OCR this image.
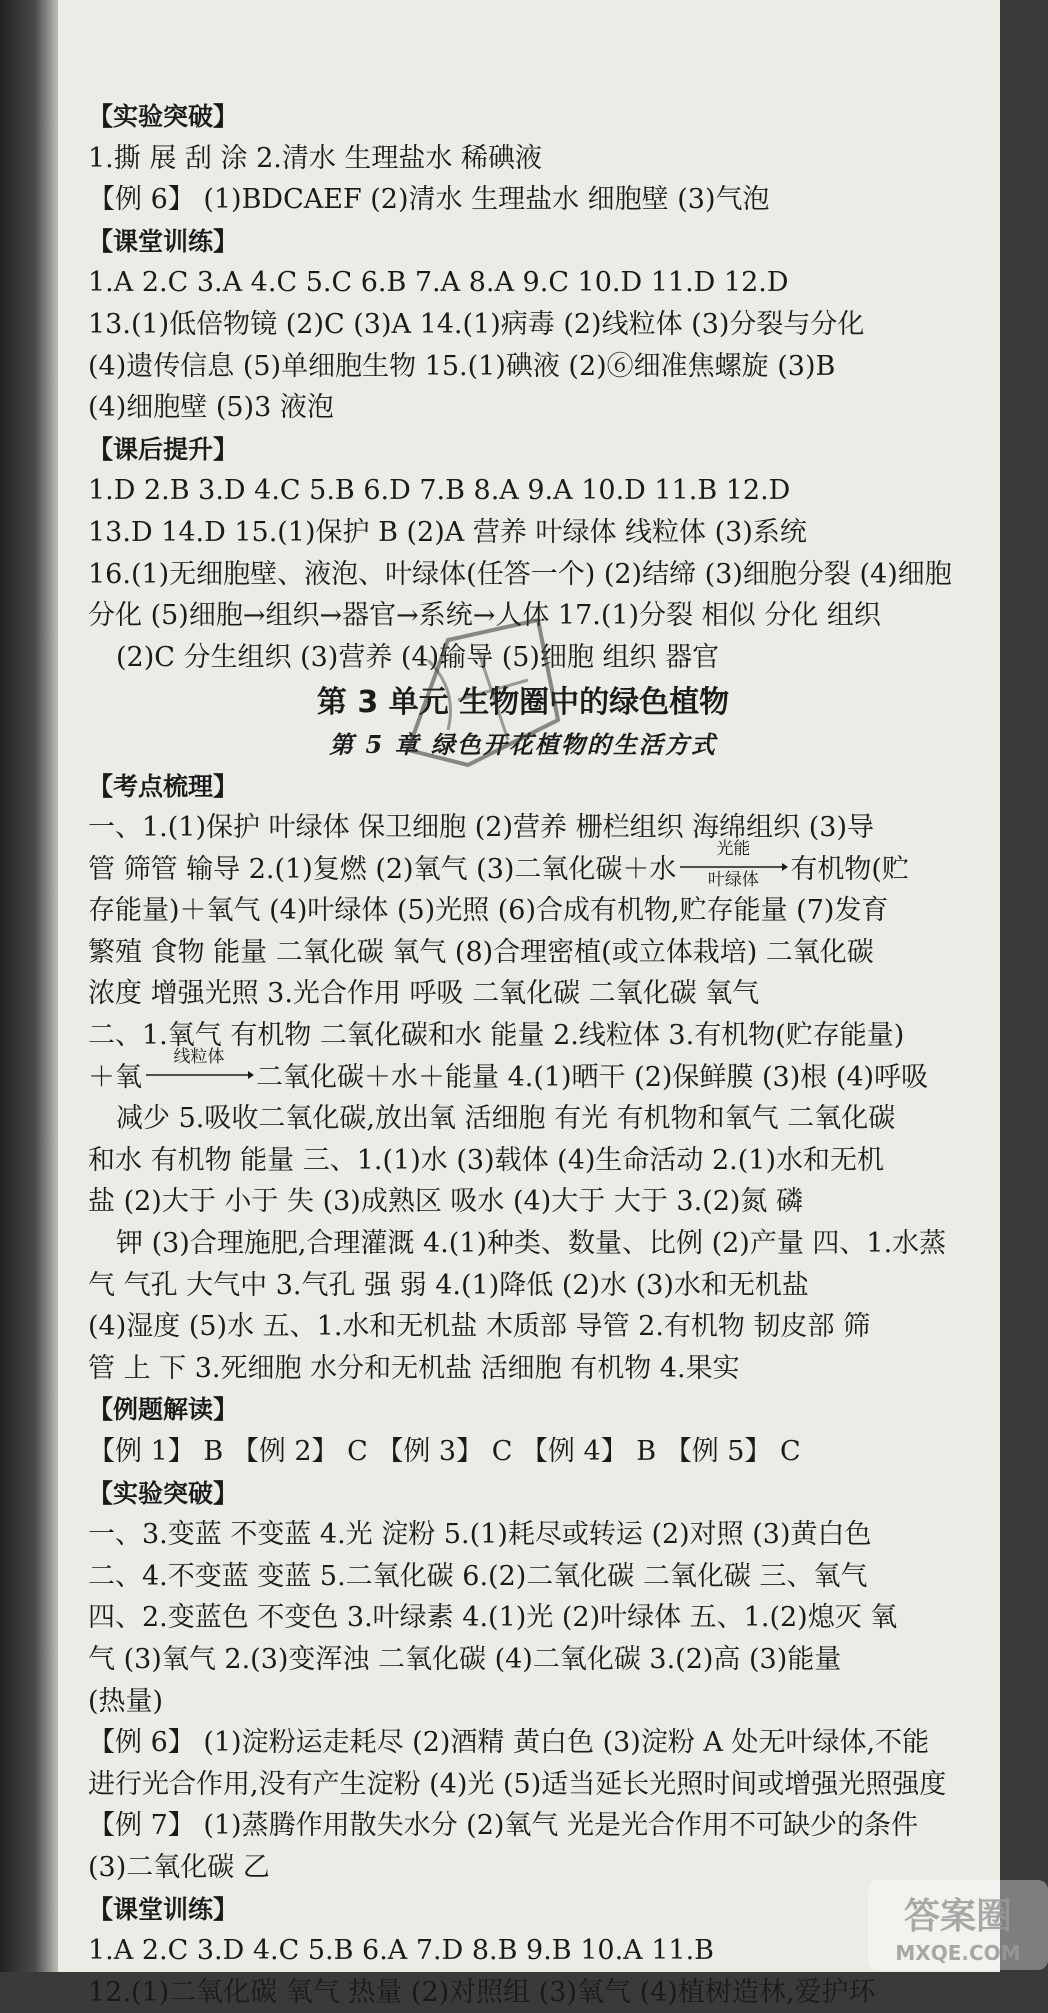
【实验突破】
1.撕 展 刮 涂 2.清水 生理盐水 稀碘液
【例 6】 (1)BDCAEF (2)清水 生理盐水 细胞壁 (3)气泡
【课堂训练】
1.A 2.C 3.A 4.C 5.C 6.B 7.A 8.A 9.C 10.D 11.D 12.D
13.(1)低倍物镜 (2)C (3)A 14.(1)病毒 (2)线粒体 (3)分裂与分化
(4)遗传信息 (5)单细胞生物 15.(1)碘液 (2)⑥细准焦螺旋 (3)B
(4)细胞壁 (5)3 液泡
【课后提升】
1.D 2.B 3.D 4.C 5.B 6.D 7.B 8.A 9.A 10.D 11.B 12.D
13.D 14.D 15.(1)保护 B (2)A 营养 叶绿体 线粒体 (3)系统
16.(1)无细胞壁、液泡、叶绿体(任答一个) (2)结缔 (3)细胞分裂 (4)细胞
分化 (5)细胞→组织→器官→系统→人体 17.(1)分裂 相似 分化 组织
(2)C 分生组织 (3)营养 (4)输导 (5)细胞 组织 器官
第 3 单元 生物圈中的绿色植物
第 5 章 绿色开花植物的生活方式
【考点梳理】
一、1.(1)保护 叶绿体 保卫细胞 (2)营养 栅栏组织 海绵组织 (3)导
管 筛管 输导 2.(1)复燃 (2)氧气 (3)二氧化碳＋水
光能
叶绿体	有机物(贮
存能量)＋氧气 (4)叶绿体 (5)光照 (6)合成有机物,贮存能量 (7)发育
繁殖 食物 能量 二氧化碳 氧气 (8)合理密植(或立体栽培) 二氧化碳
浓度 增强光照 3.光合作用 呼吸 二氧化碳 二氧化碳 氧气
二、1.氧气 有机物 二氧化碳和水 能量 2.线粒体 3.有机物(贮存能量)
＋氧
线粒体
二氧化碳＋水＋能量 4.(1)晒干 (2)保鲜膜 (3)根 (4)呼吸
减少 5.吸收二氧化碳,放出氧 活细胞 有光 有机物和氧气 二氧化碳
和水 有机物 能量 三、1.(1)水 (3)载体 (4)生命活动 2.(1)水和无机
盐 (2)大于 小于 失 (3)成熟区 吸水 (4)大于 大于 3.(2)氮 磷
钾 (3)合理施肥,合理灌溉 4.(1)种类、数量、比例 (2)产量 四、1.水蒸
气 气孔 大气中 3.气孔 强 弱 4.(1)降低 (2)水 (3)水和无机盐
(4)湿度 (5)水 五、1.水和无机盐 木质部 导管 2.有机物 韧皮部 筛
管 上 下 3.死细胞 水分和无机盐 活细胞 有机物 4.果实
【例题解读】
【例 1】 B 【例 2】 C 【例 3】 C 【例 4】 B 【例 5】 C
【实验突破】
一、3.变蓝 不变蓝 4.光 淀粉 5.(1)耗尽或转运 (2)对照 (3)黄白色
二、4.不变蓝 变蓝 5.二氧化碳 6.(2)二氧化碳 二氧化碳 三、氧气
四、2.变蓝色 不变色 3.叶绿素 4.(1)光 (2)叶绿体 五、1.(2)熄灭 氧
气 (3)氧气 2.(3)变浑浊 二氧化碳 (4)二氧化碳 3.(2)高 (3)能量
(热量)
【例 6】 (1)淀粉运走耗尽 (2)酒精 黄白色 (3)淀粉 A 处无叶绿体,不能
进行光合作用,没有产生淀粉 (4)光 (5)适当延长光照时间或增强光照强度
【例 7】 (1)蒸腾作用散失水分 (2)氧气 光是光合作用不可缺少的条件
(3)二氧化碳 乙
【课堂训练】
1.A 2.C 3.D 4.C 5.B 6.A 7.D 8.B 9.B 10.A 11.B
12.(1)二氧化碳 氧气 热量 (2)对照组 (3)氧气 (4)植树造林,爱护环
答案圈
MXQE.COM
